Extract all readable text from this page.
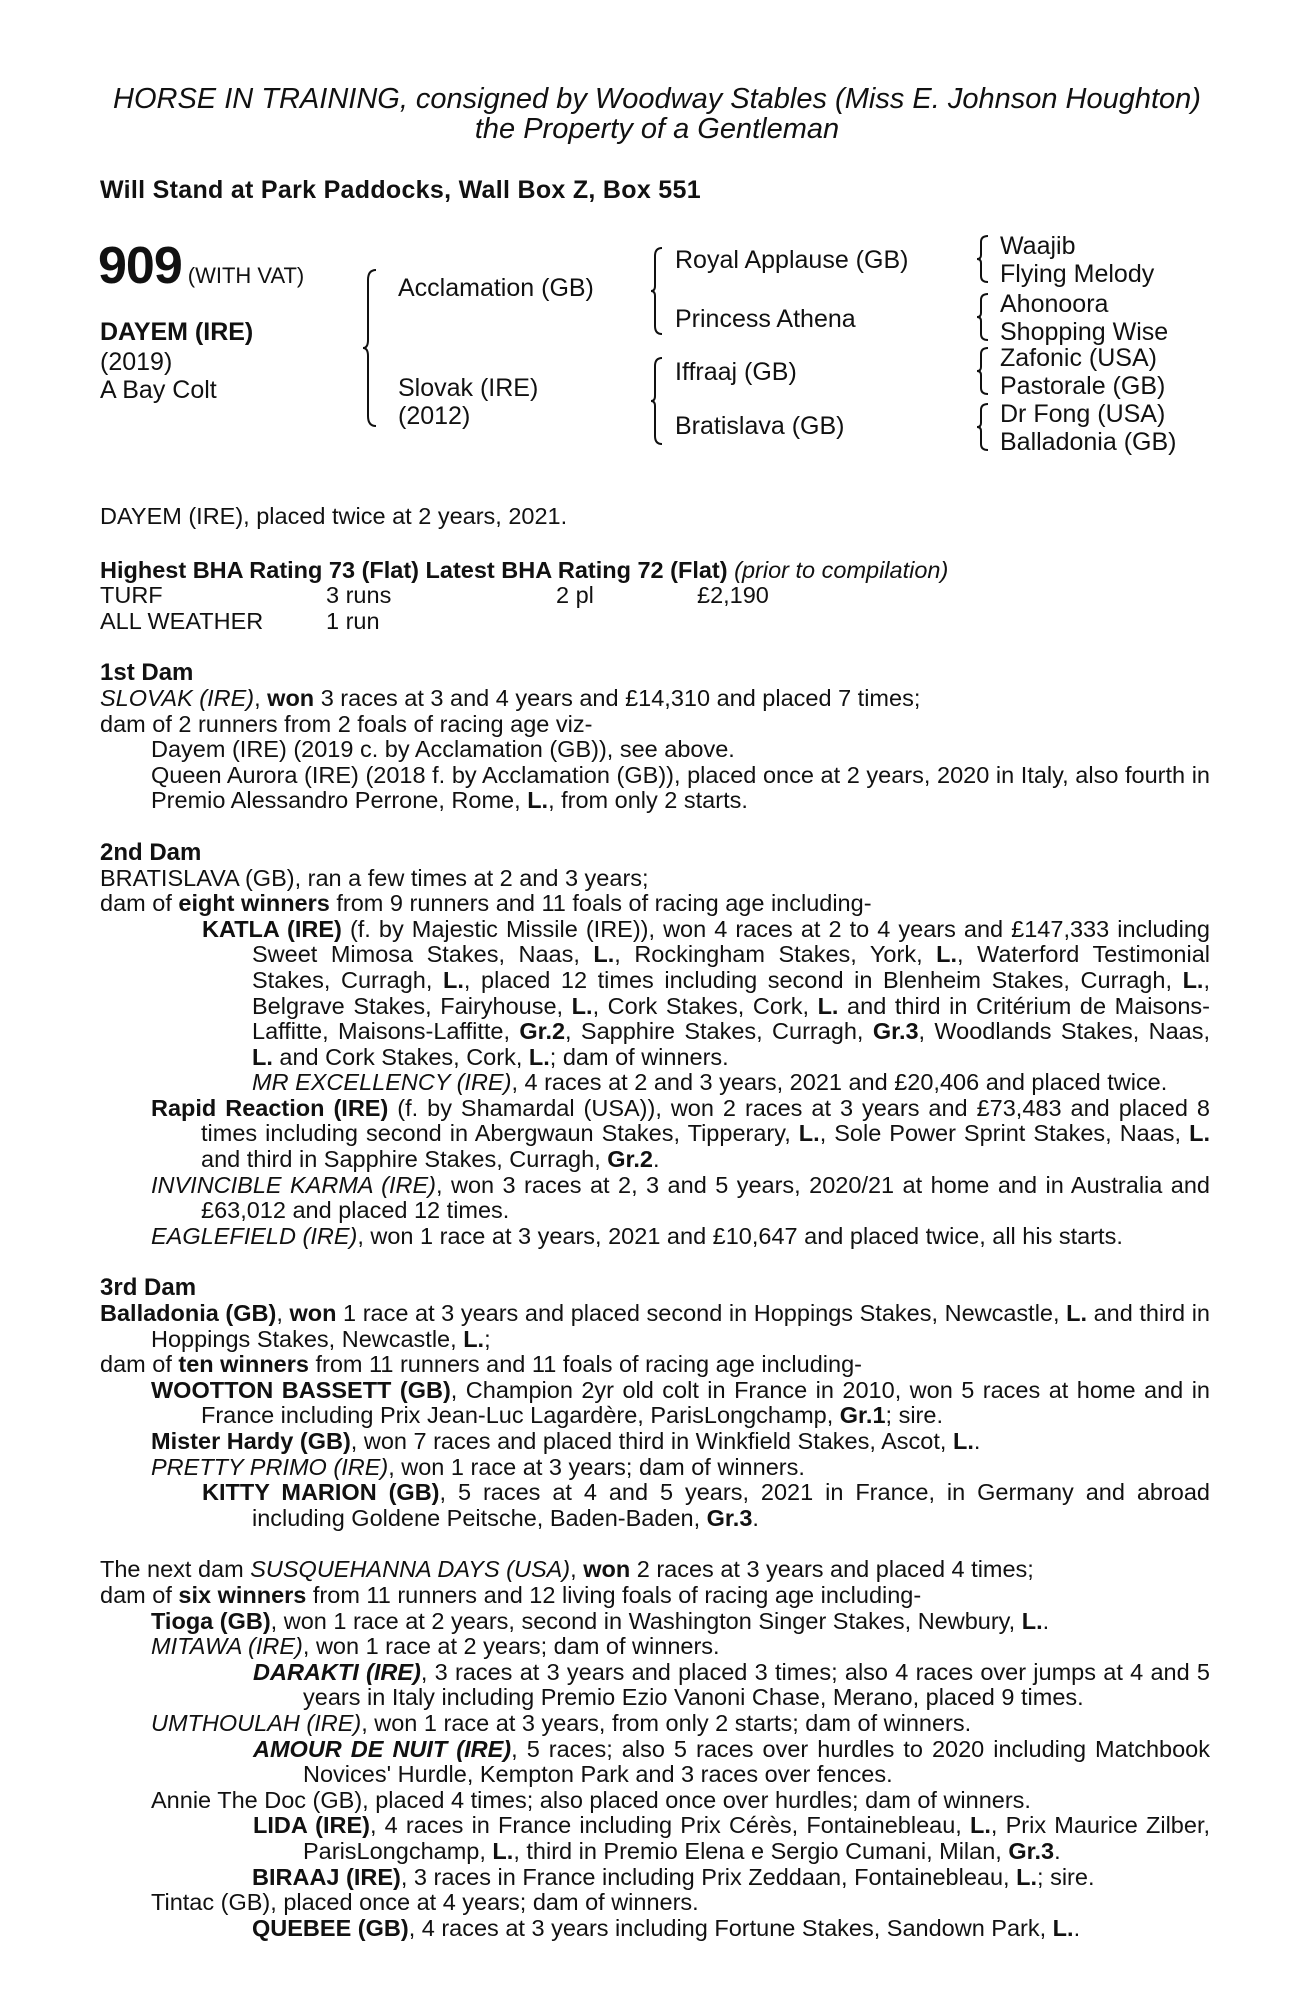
HORSE IN TRAINING, consigned by Woodway Stables (Miss E. Johnson Houghton)
the Property of a Gentleman
Will Stand at Park Paddocks, Wall Box Z, Box 551
909 (WITH VAT)
DAYEM (IRE)
(2019)
A Bay Colt
Acclamation (GB)
Slovak (IRE)
(2012)
Royal Applause (GB)
Princess Athena
Iffraaj (GB)
Bratislava (GB)
Waajib
Flying Melody
Ahonoora
Shopping Wise
Zafonic (USA)
Pastorale (GB)
Dr Fong (USA)
Balladonia (GB)

DAYEM (IRE), placed twice at 2 years, 2021.

Highest BHA Rating 73 (Flat) Latest BHA Rating 72 (Flat) (prior to compilation)

TURF	3 runs	2 pl	£2,190
ALL WEATHER	1 run

1st Dam

SLOVAK (IRE), won 3 races at 3 and 4 years and £14,310 and placed 7 times;

dam of 2 runners from 2 foals of racing age viz-

Dayem (IRE) (2019 c. by Acclamation (GB)), see above.

Queen Aurora (IRE) (2018 f. by Acclamation (GB)), placed once at 2 years, 2020 in Italy, also fourth in Premio Alessandro Perrone, Rome, L., from only 2 starts.

2nd Dam

BRATISLAVA (GB), ran a few times at 2 and 3 years;

dam of eight winners from 9 runners and 11 foals of racing age including-

KATLA (IRE) (f. by Majestic Missile (IRE)), won 4 races at 2 to 4 years and £147,333 including Sweet Mimosa Stakes, Naas, L., Rockingham Stakes, York, L., Waterford Testimonial Stakes, Curragh, L., placed 12 times including second in Blenheim Stakes, Curragh, L., Belgrave Stakes, Fairyhouse, L., Cork Stakes, Cork, L. and third in Critérium de Maisons-Laffitte, Maisons-Laffitte, Gr.2, Sapphire Stakes, Curragh, Gr.3, Woodlands Stakes, Naas, L. and Cork Stakes, Cork, L.; dam of winners.

MR EXCELLENCY (IRE), 4 races at 2 and 3 years, 2021 and £20,406 and placed twice.

Rapid Reaction (IRE) (f. by Shamardal (USA)), won 2 races at 3 years and £73,483 and placed 8 times including second in Abergwaun Stakes, Tipperary, L., Sole Power Sprint Stakes, Naas, L. and third in Sapphire Stakes, Curragh, Gr.2.

INVINCIBLE KARMA (IRE), won 3 races at 2, 3 and 5 years, 2020/21 at home and in Australia and £63,012 and placed 12 times.

EAGLEFIELD (IRE), won 1 race at 3 years, 2021 and £10,647 and placed twice, all his starts.

3rd Dam

Balladonia (GB), won 1 race at 3 years and placed second in Hoppings Stakes, Newcastle, L. and third in Hoppings Stakes, Newcastle, L.;

dam of ten winners from 11 runners and 11 foals of racing age including-

WOOTTON BASSETT (GB), Champion 2yr old colt in France in 2010, won 5 races at home and in France including Prix Jean-Luc Lagardère, ParisLongchamp, Gr.1; sire.

Mister Hardy (GB), won 7 races and placed third in Winkfield Stakes, Ascot, L..

PRETTY PRIMO (IRE), won 1 race at 3 years; dam of winners.

KITTY MARION (GB), 5 races at 4 and 5 years, 2021 in France, in Germany and abroad including Goldene Peitsche, Baden-Baden, Gr.3.

The next dam SUSQUEHANNA DAYS (USA), won 2 races at 3 years and placed 4 times;

dam of six winners from 11 runners and 12 living foals of racing age including-

Tioga (GB), won 1 race at 2 years, second in Washington Singer Stakes, Newbury, L..

MITAWA (IRE), won 1 race at 2 years; dam of winners.

DARAKTI (IRE), 3 races at 3 years and placed 3 times; also 4 races over jumps at 4 and 5 years in Italy including Premio Ezio Vanoni Chase, Merano, placed 9 times.

UMTHOULAH (IRE), won 1 race at 3 years, from only 2 starts; dam of winners.

AMOUR DE NUIT (IRE), 5 races; also 5 races over hurdles to 2020 including Matchbook Novices' Hurdle, Kempton Park and 3 races over fences.

Annie The Doc (GB), placed 4 times; also placed once over hurdles; dam of winners.

LIDA (IRE), 4 races in France including Prix Cérès, Fontainebleau, L., Prix Maurice Zilber, ParisLongchamp, L., third in Premio Elena e Sergio Cumani, Milan, Gr.3.

BIRAAJ (IRE), 3 races in France including Prix Zeddaan, Fontainebleau, L.; sire.

Tintac (GB), placed once at 4 years; dam of winners.

QUEBEE (GB), 4 races at 3 years including Fortune Stakes, Sandown Park, L..
